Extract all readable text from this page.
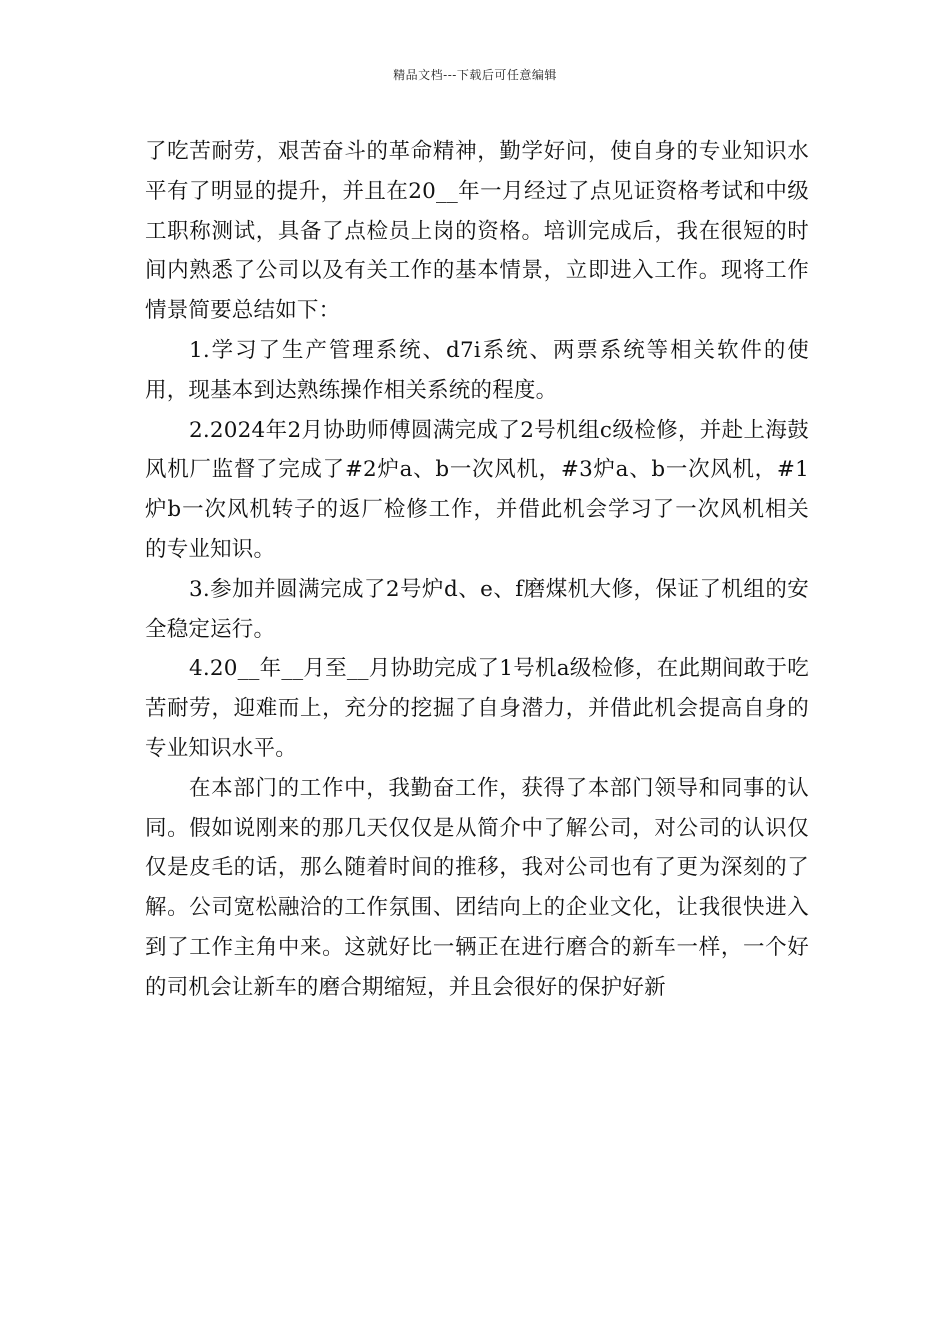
精品文档---下载后可任意编辑

了吃苦耐劳，艰苦奋斗的革命精神，勤学好问，使自身的专业知识水平有了明显的提升，并且在20__年一月经过了点见证资格考试和中级工职称测试，具备了点检员上岗的资格。培训完成后，我在很短的时间内熟悉了公司以及有关工作的基本情景，立即进入工作。现将工作情景简要总结如下：

1.学习了生产管理系统、d7i系统、两票系统等相关软件的使用，现基本到达熟练操作相关系统的程度。

2.2024年2月协助师傅圆满完成了2号机组c级检修，并赴上海鼓风机厂监督了完成了#2炉a、b一次风机，#3炉a、b一次风机，#1炉b一次风机转子的返厂检修工作，并借此机会学习了一次风机相关的专业知识。

3.参加并圆满完成了2号炉d、e、f磨煤机大修，保证了机组的安全稳定运行。

4.20__年__月至__月协助完成了1号机a级检修，在此期间敢于吃苦耐劳，迎难而上，充分的挖掘了自身潜力，并借此机会提高自身的专业知识水平。

在本部门的工作中，我勤奋工作，获得了本部门领导和同事的认同。假如说刚来的那几天仅仅是从简介中了解公司，对公司的认识仅仅是皮毛的话，那么随着时间的推移，我对公司也有了更为深刻的了解。公司宽松融洽的工作氛围、团结向上的企业文化，让我很快进入到了工作主角中来。这就好比一辆正在进行磨合的新车一样，一个好的司机会让新车的磨合期缩短，并且会很好的保护好新
